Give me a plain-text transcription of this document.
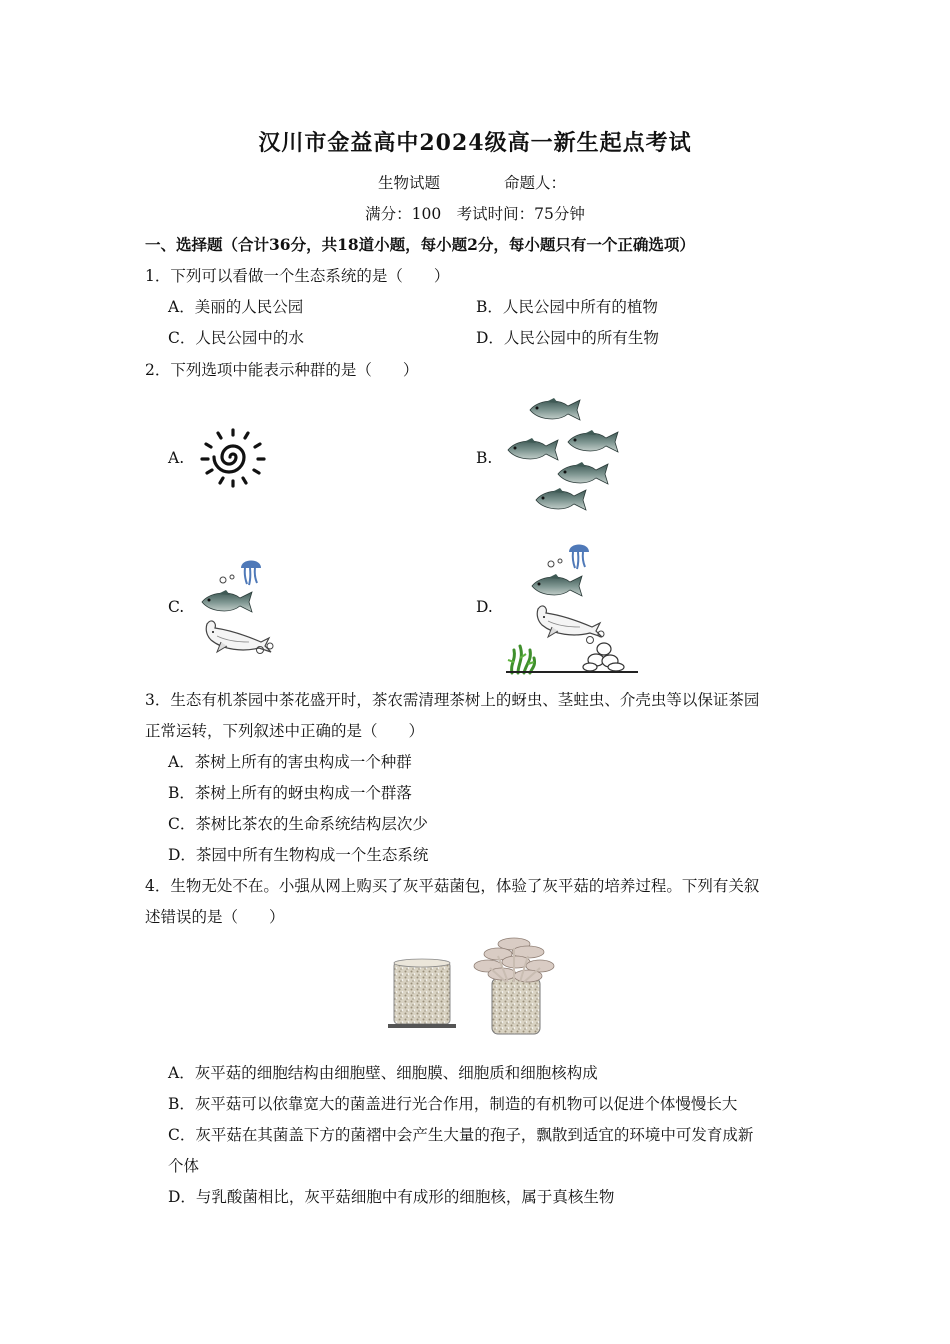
汉川市金益高中2024级高一新生起点考试
生物试题	命题人：
满分：100　考试时间：75分钟
一、选择题（合计36分，共18道小题，每小题2分，每小题只有一个正确选项）
1．下列可以看做一个生态系统的是（　　）
A．美丽的人民公园	B．人民公园中所有的植物
C．人民公园中的水	D．人民公园中的所有生物
2．下列选项中能表示种群的是（　　）
A.	B.
C.	D.
3．生态有机茶园中茶花盛开时，茶农需清理茶树上的蚜虫、茎蛀虫、介壳虫等以保证茶园
正常运转，下列叙述中正确的是（　　）
A．茶树上所有的害虫构成一个种群
B．茶树上所有的蚜虫构成一个群落
C．茶树比茶农的生命系统结构层次少
D．茶园中所有生物构成一个生态系统
4．生物无处不在。小强从网上购买了灰平菇菌包，体验了灰平菇的培养过程。下列有关叙
述错误的是（　　）
A．灰平菇的细胞结构由细胞壁、细胞膜、细胞质和细胞核构成
B．灰平菇可以依靠宽大的菌盖进行光合作用，制造的有机物可以促进个体慢慢长大
C．灰平菇在其菌盖下方的菌褶中会产生大量的孢子，飘散到适宜的环境中可发育成新
个体
D．与乳酸菌相比，灰平菇细胞中有成形的细胞核，属于真核生物
